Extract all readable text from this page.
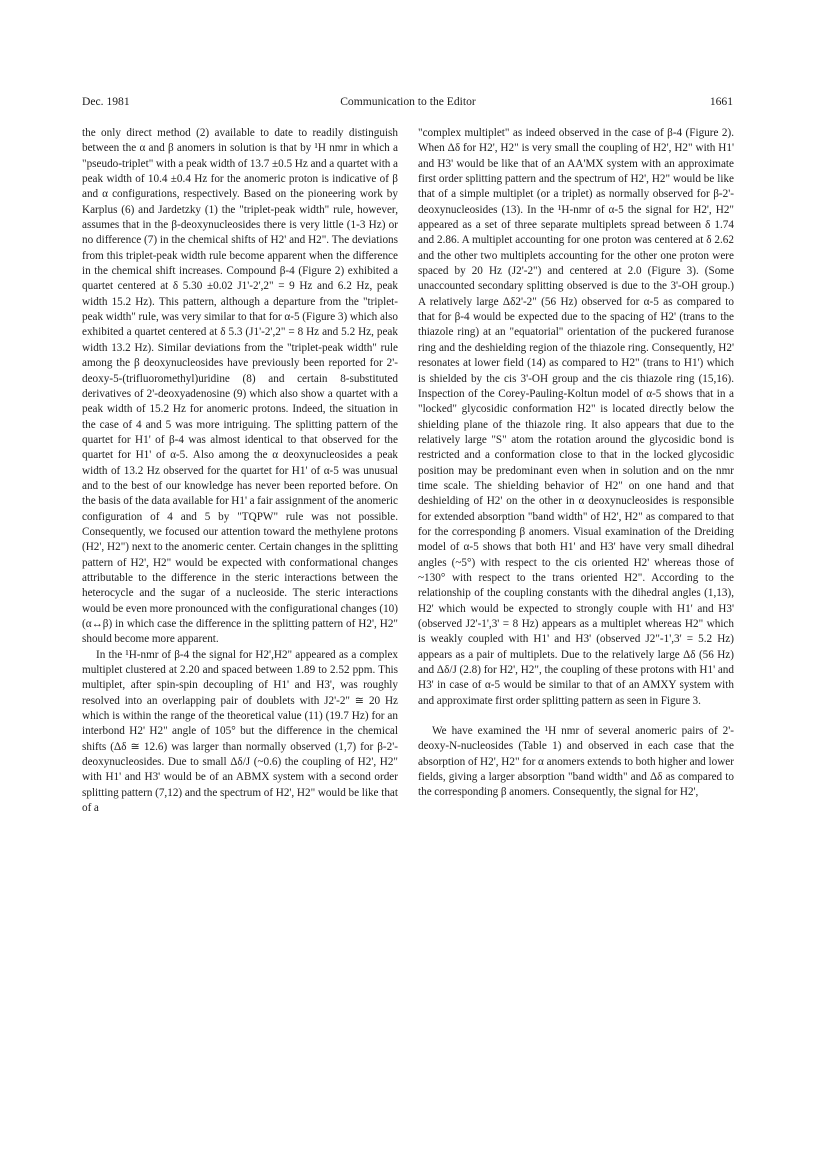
Dec. 1981	Communication to the Editor	1661

the only direct method (2) available to date to readily distinguish between the α and β anomers in solution is that by ¹H nmr in which a "pseudo-triplet" with a peak width of 13.7 ±0.5 Hz and a quartet with a peak width of 10.4 ±0.4 Hz for the anomeric proton is indicative of β and α configurations, respectively. Based on the pioneering work by Karplus (6) and Jardetzky (1) the "triplet-peak width" rule, however, assumes that in the β-deoxynucleosides there is very little (1-3 Hz) or no difference (7) in the chemical shifts of H2' and H2". The deviations from this triplet-peak width rule become apparent when the difference in the chemical shift increases. Compound β-4 (Figure 2) exhibited a quartet centered at δ 5.30 ±0.02 J1'-2',2" = 9 Hz and 6.2 Hz, peak width 15.2 Hz). This pattern, although a departure from the "triplet-peak width" rule, was very similar to that for α-5 (Figure 3) which also exhibited a quartet centered at δ 5.3 (J1'-2',2" = 8 Hz and 5.2 Hz, peak width 13.2 Hz). Similar deviations from the "triplet-peak width" rule among the β deoxynucleosides have previously been reported for 2'-deoxy-5-(trifluoromethyl)uridine (8) and certain 8-substituted derivatives of 2'-deoxyadenosine (9) which also show a quartet with a peak width of 15.2 Hz for anomeric protons. Indeed, the situation in the case of 4 and 5 was more intriguing. The splitting pattern of the quartet for H1' of β-4 was almost identical to that observed for the quartet for H1' of α-5. Also among the α deoxynucleosides a peak width of 13.2 Hz observed for the quartet for H1' of α-5 was unusual and to the best of our knowledge has never been reported before. On the basis of the data available for H1' a fair assignment of the anomeric configuration of 4 and 5 by "TQPW" rule was not possible. Consequently, we focused our attention toward the methylene protons (H2', H2") next to the anomeric center. Certain changes in the splitting pattern of H2', H2" would be expected with conformational changes attributable to the difference in the steric interactions between the heterocycle and the sugar of a nucleoside. The steric interactions would be even more pronounced with the configurational changes (10) (α↔β) in which case the difference in the splitting pattern of H2', H2" should become more apparent.

In the ¹H-nmr of β-4 the signal for H2',H2" appeared as a complex multiplet clustered at 2.20 and spaced between 1.89 to 2.52 ppm. This multiplet, after spin-spin decoupling of H1' and H3', was roughly resolved into an overlapping pair of doublets with J2'-2" ≅ 20 Hz which is within the range of the theoretical value (11) (19.7 Hz) for an interbond H2' H2" angle of 105° but the difference in the chemical shifts (Δδ ≅ 12.6) was larger than normally observed (1,7) for β-2'-deoxynucleosides. Due to small Δδ/J (~0.6) the coupling of H2', H2" with H1' and H3' would be of an ABMX system with a second order splitting pattern (7,12) and the spectrum of H2', H2" would be like that of a

"complex multiplet" as indeed observed in the case of β-4 (Figure 2). When Δδ for H2', H2" is very small the coupling of H2', H2" with H1' and H3' would be like that of an AA'MX system with an approximate first order splitting pattern and the spectrum of H2', H2" would be like that of a simple multiplet (or a triplet) as normally observed for β-2'-deoxynucleosides (13). In the ¹H-nmr of α-5 the signal for H2', H2" appeared as a set of three separate multiplets spread between δ 1.74 and 2.86. A multiplet accounting for one proton was centered at δ 2.62 and the other two multiplets accounting for the other one proton were spaced by 20 Hz (J2'-2") and centered at 2.0 (Figure 3). (Some unaccounted secondary splitting observed is due to the 3'-OH group.) A relatively large Δδ2'-2" (56 Hz) observed for α-5 as compared to that for β-4 would be expected due to the spacing of H2' (trans to the thiazole ring) at an "equatorial" orientation of the puckered furanose ring and the deshielding region of the thiazole ring. Consequently, H2' resonates at lower field (14) as compared to H2" (trans to H1') which is shielded by the cis 3'-OH group and the cis thiazole ring (15,16). Inspection of the Corey-Pauling-Koltun model of α-5 shows that in a "locked" glycosidic conformation H2" is located directly below the shielding plane of the thiazole ring. It also appears that due to the relatively large "S" atom the rotation around the glycosidic bond is restricted and a conformation close to that in the locked glycosidic position may be predominant even when in solution and on the nmr time scale. The shielding behavior of H2" on one hand and that deshielding of H2' on the other in α deoxynucleosides is responsible for extended absorption "band width" of H2', H2" as compared to that for the corresponding β anomers. Visual examination of the Dreiding model of α-5 shows that both H1' and H3' have very small dihedral angles (~5°) with respect to the cis oriented H2' whereas those of ~130° with respect to the trans oriented H2". According to the relationship of the coupling constants with the dihedral angles (1,13), H2' which would be expected to strongly couple with H1' and H3' (observed J2'-1',3' = 8 Hz) appears as a multiplet whereas H2" which is weakly coupled with H1' and H3' (observed J2"-1',3' = 5.2 Hz) appears as a pair of multiplets. Due to the relatively large Δδ (56 Hz) and Δδ/J (2.8) for H2', H2", the coupling of these protons with H1' and H3' in case of α-5 would be similar to that of an AMXY system with and approximate first order splitting pattern as seen in Figure 3.

We have examined the ¹H nmr of several anomeric pairs of 2'-deoxy-N-nucleosides (Table 1) and observed in each case that the absorption of H2', H2" for α anomers extends to both higher and lower fields, giving a larger absorption "band width" and Δδ as compared to the corresponding β anomers. Consequently, the signal for H2',
